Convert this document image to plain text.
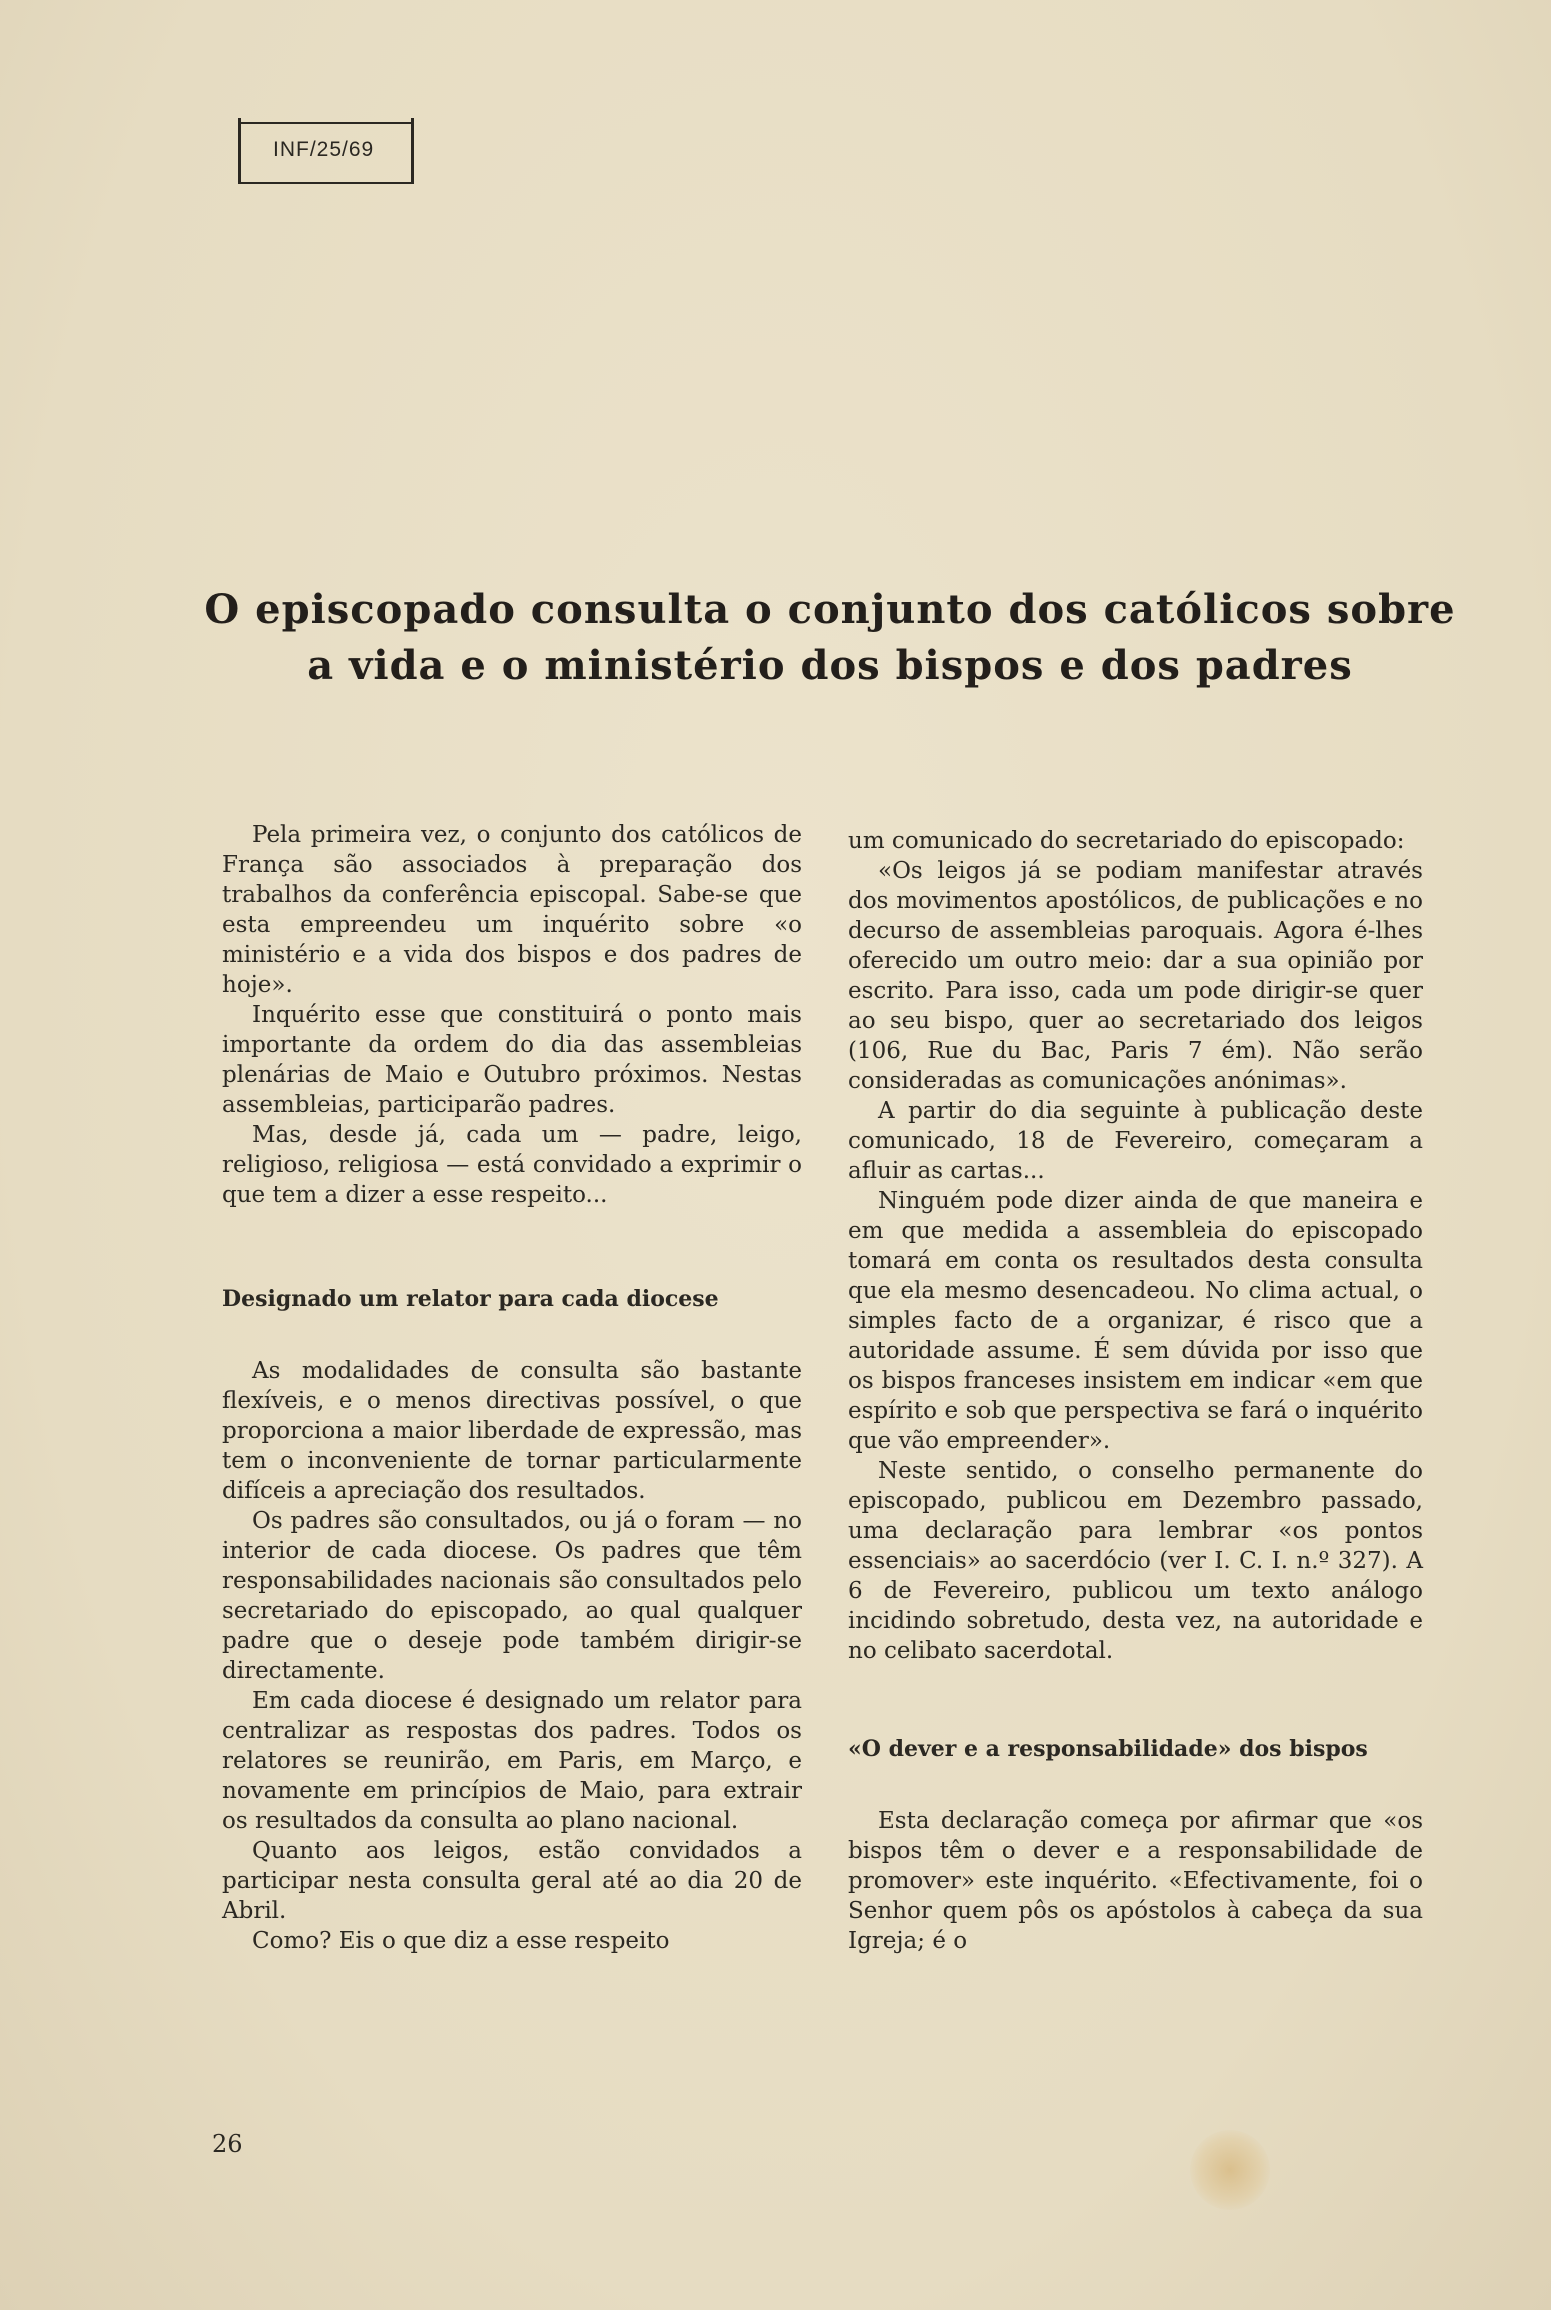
INF/25/69
O episcopado consulta o conjunto dos católicos sobre
a vida e o ministério dos bispos e dos padres

Pela primeira vez, o conjunto dos católicos de França são associados à preparação dos trabalhos da conferência episcopal. Sabe-se que esta empreendeu um inquérito sobre «o ministério e a vida dos bispos e dos padres de hoje».

Inquérito esse que constituirá o ponto mais importante da ordem do dia das assembleias plenárias de Maio e Outubro próximos. Nestas assembleias, participarão padres.

Mas, desde já, cada um — padre, leigo, religioso, religiosa — está convidado a exprimir o que tem a dizer a esse respeito...

Designado um relator para cada diocese

As modalidades de consulta são bastante flexíveis, e o menos directivas possível, o que proporciona a maior liberdade de expressão, mas tem o inconveniente de tornar particularmente difíceis a apreciação dos resultados.

Os padres são consultados, ou já o foram — no interior de cada diocese. Os padres que têm responsabilidades nacionais são consultados pelo secretariado do episcopado, ao qual qualquer padre que o deseje pode também dirigir-se directamente.

Em cada diocese é designado um relator para centralizar as respostas dos padres. Todos os relatores se reunirão, em Paris, em Março, e novamente em princípios de Maio, para extrair os resultados da consulta ao plano nacional.

Quanto aos leigos, estão convidados a participar nesta consulta geral até ao dia 20 de Abril.

Como? Eis o que diz a esse respeito

um comunicado do secretariado do episcopado:

«Os leigos já se podiam manifestar através dos movimentos apostólicos, de publicações e no decurso de assembleias paroquais. Agora é-lhes oferecido um outro meio: dar a sua opinião por escrito. Para isso, cada um pode dirigir-se quer ao seu bispo, quer ao secretariado dos leigos (106, Rue du Bac, Paris 7 ém). Não serão consideradas as comunicações anónimas».

A partir do dia seguinte à publicação deste comunicado, 18 de Fevereiro, começaram a afluir as cartas...

Ninguém pode dizer ainda de que maneira e em que medida a assembleia do episcopado tomará em conta os resultados desta consulta que ela mesmo desencadeou. No clima actual, o simples facto de a organizar, é risco que a autoridade assume. É sem dúvida por isso que os bispos franceses insistem em indicar «em que espírito e sob que perspectiva se fará o inquérito que vão empreender».

Neste sentido, o conselho permanente do episcopado, publicou em Dezembro passado, uma declaração para lembrar «os pontos essenciais» ao sacerdócio (ver I. C. I. n.º 327). A 6 de Fevereiro, publicou um texto análogo incidindo sobretudo, desta vez, na autoridade e no celibato sacerdotal.

«O dever e a responsabilidade» dos bispos

Esta declaração começa por afirmar que «os bispos têm o dever e a responsabilidade de promover» este inquérito. «Efectivamente, foi o Senhor quem pôs os apóstolos à cabeça da sua Igreja; é o

26
